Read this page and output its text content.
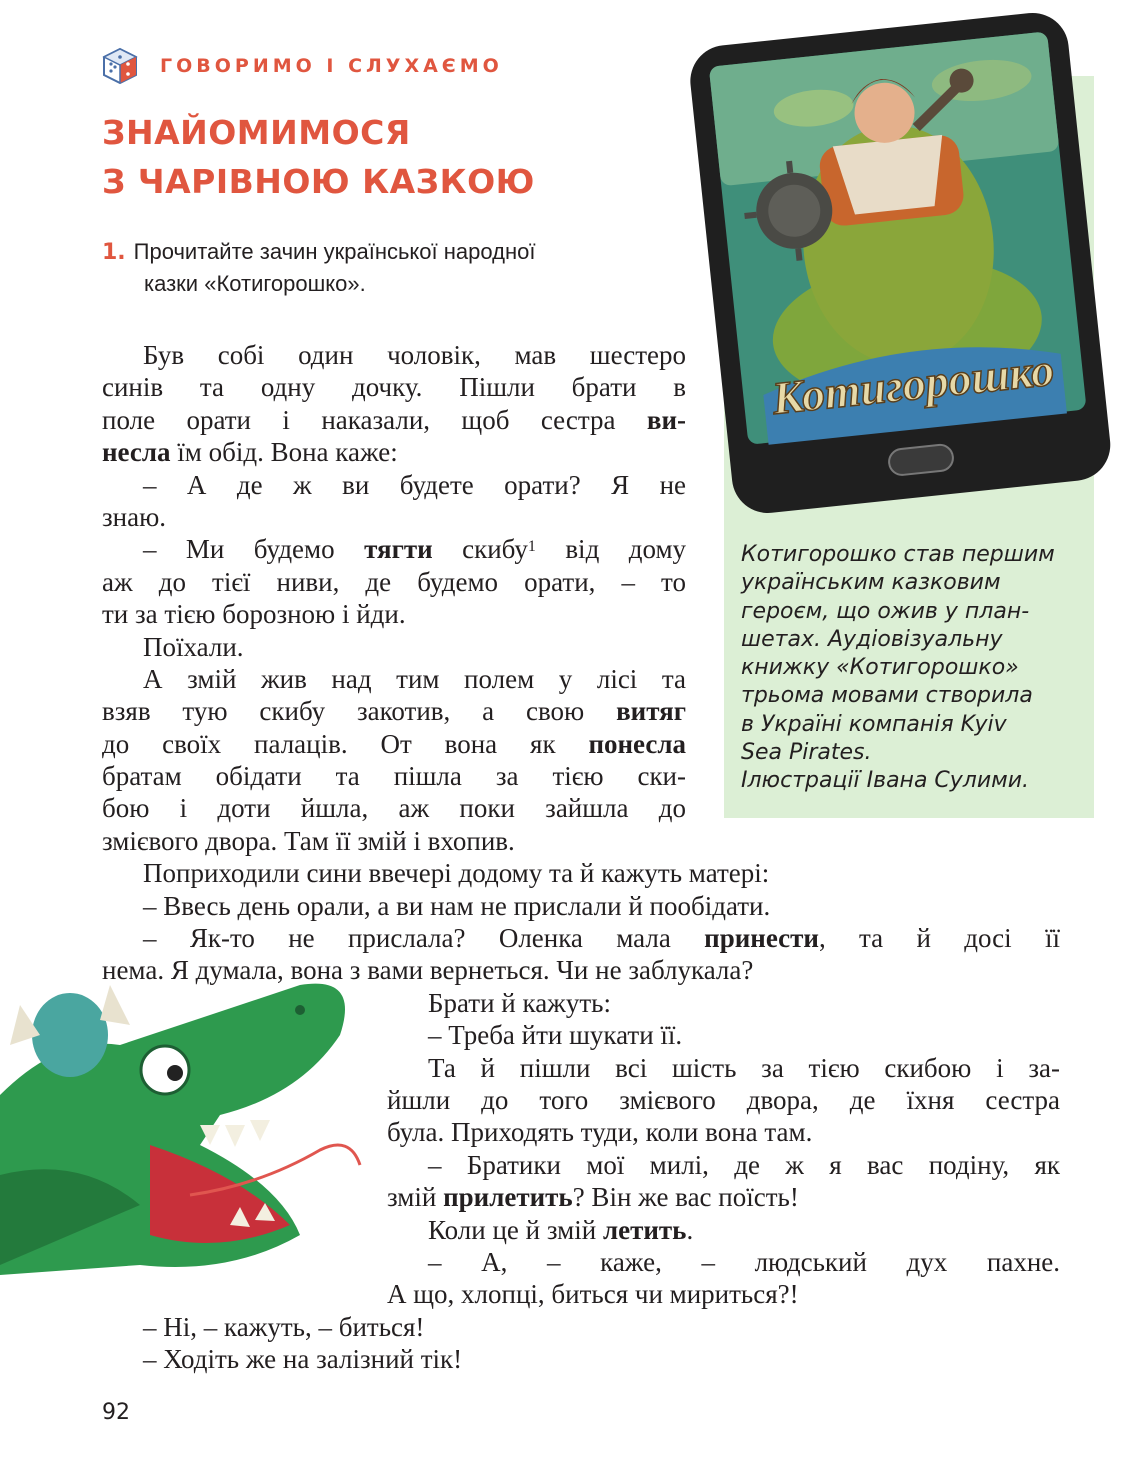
ГОВОРИМО І СЛУХАЄМО
ЗНАЙОМИМОСЯ
З ЧАРІВНОЮ КАЗКОЮ
1. Прочитайте зачин української народної
казки «Котигорошко».
Котигорошко
Котигорошко став першим
українським казковим
героєм, що ожив у план-
шетах. Аудіовізуальну
книжку «Котигорошко»
трьома мовами створила
в Україні компанія Kyiv
Sea Pirates.
Ілюстрації Івана Сулими.
Був собі один чоловік, мав шестеро
синів та одну дочку. Пішли брати в
поле орати і наказали, щоб сестра ви-
несла їм обід. Вона каже:
– А де ж ви будете орати? Я не
знаю.
– Ми будемо тягти скибу$^1$ від дому
аж до тієї ниви, де будемо орати, – то
ти за тією борозною і йди.
Поїхали.
А змій жив над тим полем у лісі та
взяв тую скибу закотив, а свою витяг
до своїх палаців. От вона як понесла
братам обідати та пішла за тією ски-
бою і доти йшла, аж поки зайшла до
змієвого двора. Там її змій і вхопив.
Поприходили сини ввечері додому та й кажуть матері:
– Ввесь день орали, а ви нам не прислали й пообідати.
– Як-то не прислала? Оленка мала принести, та й досі її
нема. Я думала, вона з вами вернеться. Чи не заблукала?
Брати й кажуть:
– Треба йти шукати її.
Та й пішли всі шість за тією скибою і за-
йшли до того змієвого двора, де їхня сестра
була. Приходять туди, коли вона там.
– Братики мої милі, де ж я вас подіну, як
змій прилетить? Він же вас поїсть!
Коли це й змій летить.
– А, – каже, – людський дух пахне.
А що, хлопці, биться чи мириться?!
– Ні, – кажуть, – биться!
– Ходіть же на залізний тік!
92
